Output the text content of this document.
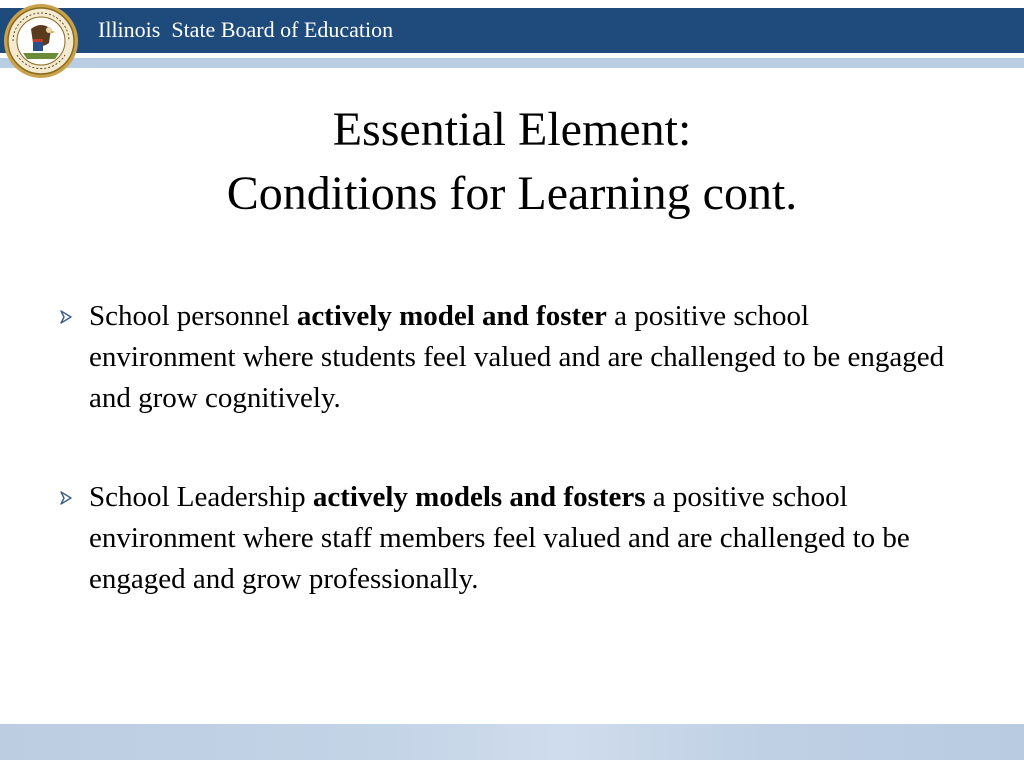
Illinois  State Board of Education
Essential Element:
Conditions for Learning cont.
School personnel actively model and foster a positive school environment where students feel valued and are challenged to be engaged and grow cognitively.
School Leadership actively models and fosters a positive school environment where staff members feel valued and are challenged to be engaged and grow professionally.
